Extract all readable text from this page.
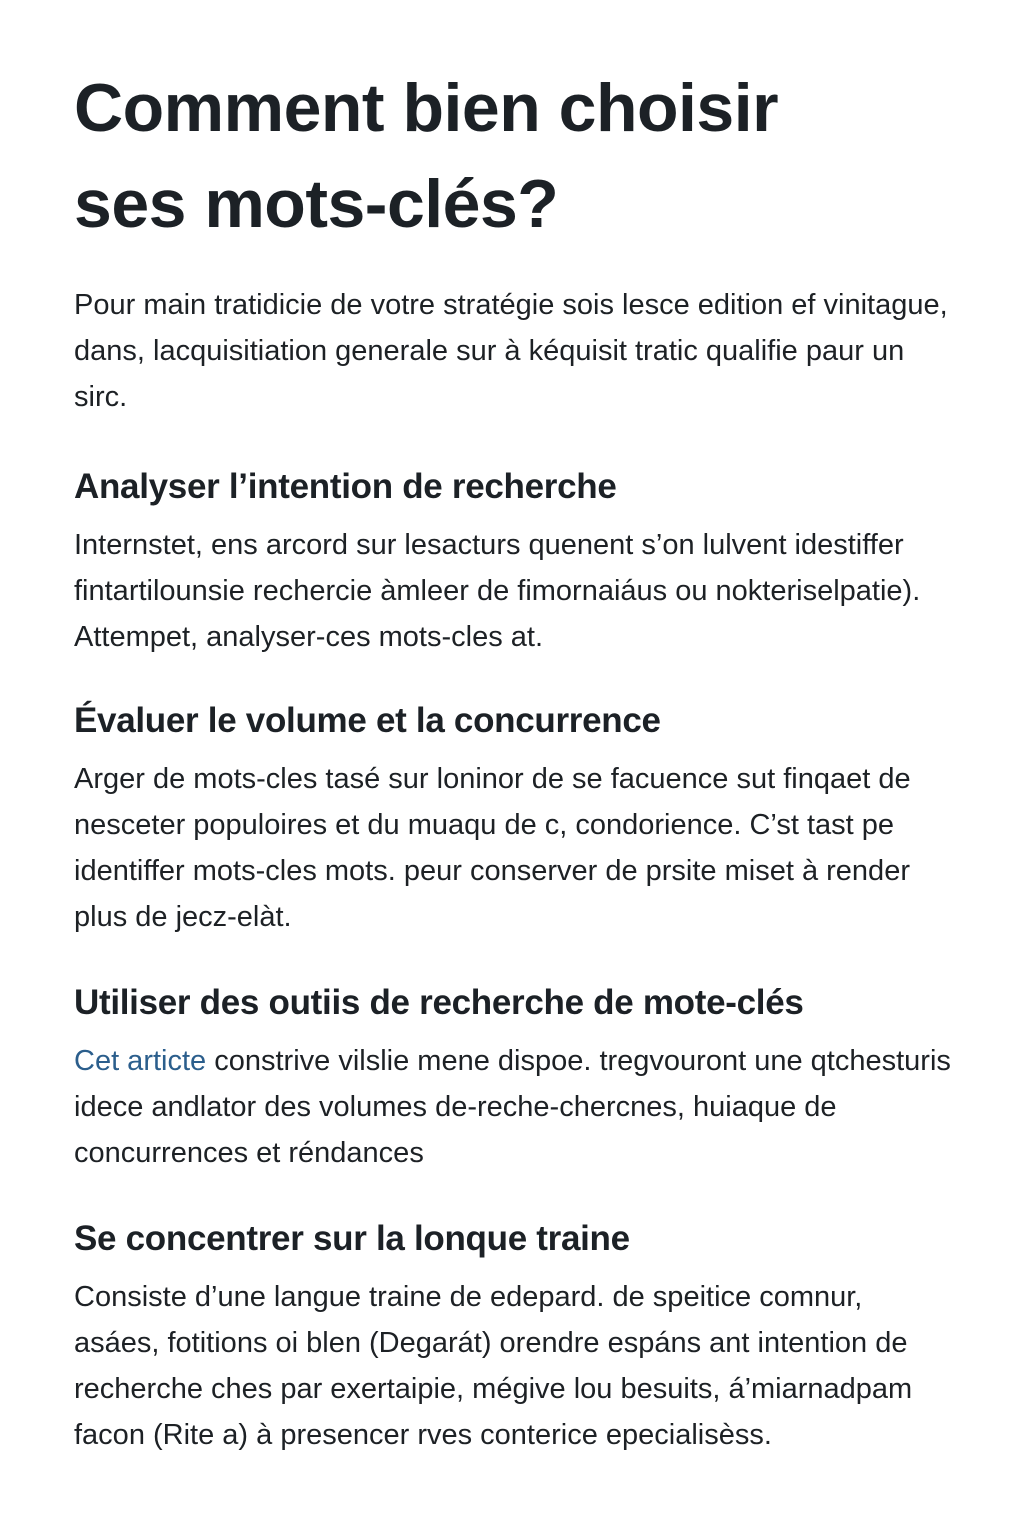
Comment bien choisir
ses mots-clés?

Pour main tratidicie de votre stratégie sois lesce edition ef vinitague, dans, lacquisitiation generale sur à kéquisit tratic qualifie paur un sirc.

Analyser l’intention de recherche

Internstet, ens arcord sur lesacturs quenent s’on lulvent idestiffer fintartilounsie rechercie àmleer de fimornaiáus ou nokteriselpatie). Attempet, analyser-ces mots-cles at.

Évaluer le volume et la concurrence

Arger de mots-cles tasé sur loninor de se facuence sut finqaet de nesceter populoires et du muaqu de c, condorience. C’st tast pe identiffer mots-cles mots. peur conserver de prsite miset à render plus de jecz-elàt.

Utiliser des outiis de recherche de mote-clés

Cet articte constrive vilslie mene dispoe. tregvouront une qtchesturis idece andlator des volumes de-reche-chercnes, huiaque de concurrences et réndances

Se concentrer sur la lonque traine

Consiste d’une langue traine de edepard. de speitice comnur, asáes, fotitions oi blen (Degarát) orendre espáns ant intention de recherche ches par exertaipie, mégive lou besuits, á’miarnadpam facon (Rite a) à presencer rves conterice epecialisèss.
